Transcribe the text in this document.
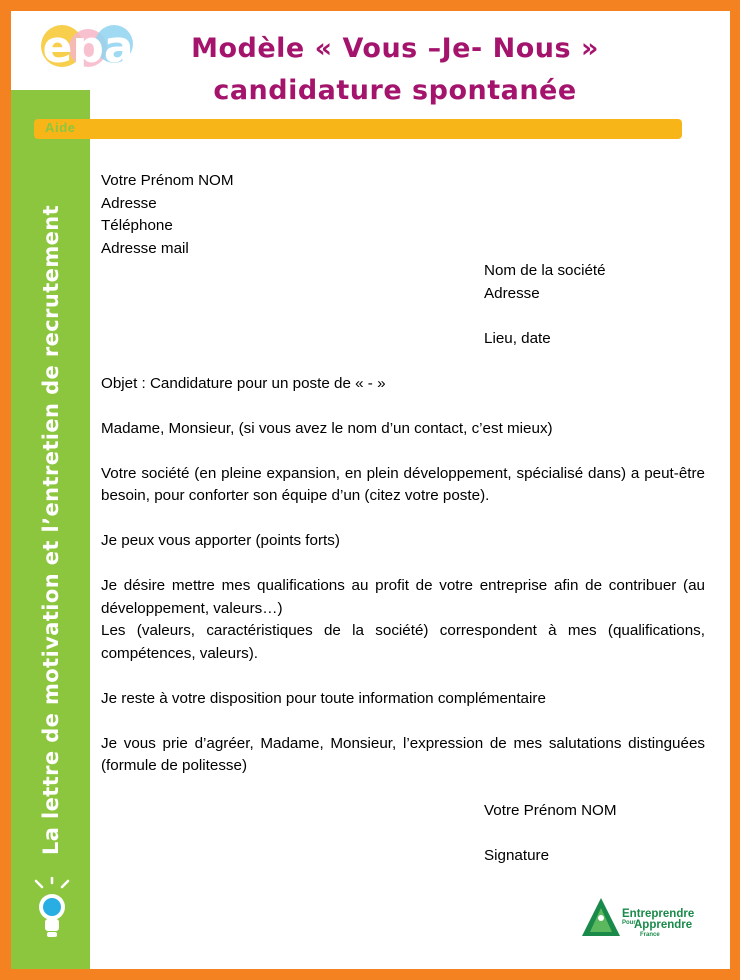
La lettre de motivation et l’entretien de recrutement
epa	Modèle « Vous –Je- Nous »
candidature spontanée
Aide

Votre Prénom NOM

Adresse

Téléphone

Adresse mail

Nom de la société

Adresse

Lieu, date

Objet : Candidature pour un poste de « - »

Madame, Monsieur, (si vous avez le nom d’un contact, c’est mieux)

Votre société (en pleine expansion, en plein développement, spécialisé dans) a peut-être besoin, pour conforter son équipe d’un (citez votre poste).

Je peux vous apporter (points forts)

Je désire mettre mes qualifications au profit de votre entreprise afin de contribuer (au développement, valeurs…)

Les (valeurs, caractéristiques de la société) correspondent à mes (qualifications, compétences, valeurs).

Je reste à votre disposition pour toute information complémentaire

Je vous prie d’agréer, Madame, Monsieur, l’expression de mes salutations distinguées (formule de politesse)

Votre Prénom NOM

Signature

Entreprendre
Pour
Apprendre
France
